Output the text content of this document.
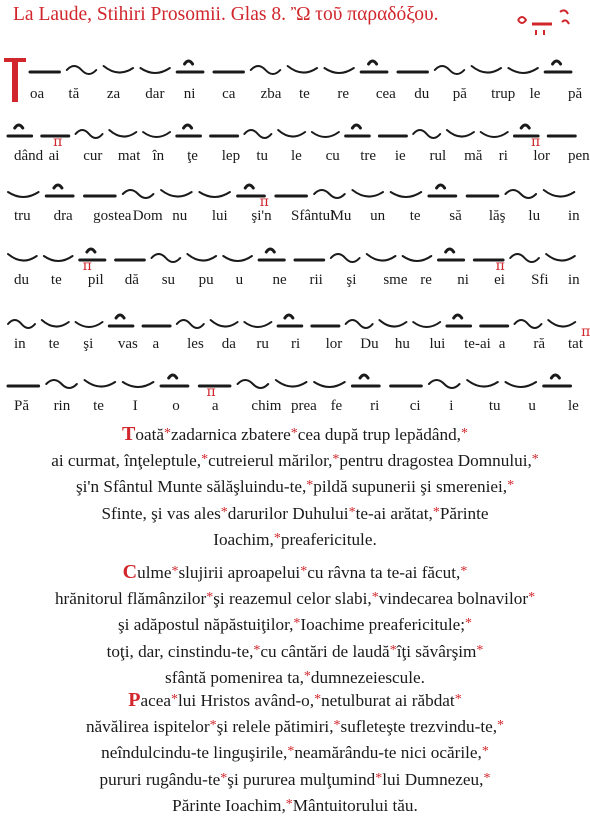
La Laude, Stihiri Prosomii. Glas 8. Ὢ τοῦ παραδόξου.
oa tă za dar ni ca zba te re cea du pă trup le pă
π	π
dând ai cur mat în ţe lep tu le cu tre ie rul mă ri lor pen
π
tru dra gostea Dom nu lui şi'n Sfântul
Mu un te să lăş lu in
π	π
du te pil dă su pu u ne rii şi sme re ni ei Sfi in
π
in te şi vas a les da ru ri lor Du hu lui te-ai a ră tat
π
Pă rin te I o a chim prea fe ri ci i tu u le

Toată*zadarnica zbatere*cea după trup lepădând,*
ai curmat, înţeleptule,*cutreierul mărilor,*pentru dragostea Domnului,*
şi'n Sfântul Munte sălăşluindu-te,*pildă supunerii şi smereniei,*
Sfinte, şi vas ales*darurilor Duhului*te-ai arătat,*Părinte
Ioachim,*preafericitule.

Culme*slujirii aproapelui*cu râvna ta te-ai făcut,*
hrănitorul flămânzilor*şi reazemul celor slabi,*vindecarea bolnavilor*
şi adăpostul năpăstuiţilor,*Ioachime preafericitule;*
toţi, dar, cinstindu-te,*cu cântări de laudă*îţi săvârşim*
sfântă pomenirea ta,*dumnezeiescule.

Pacea*lui Hristos având-o,*netulburat ai răbdat*
năvălirea ispitelor*şi relele pătimiri,*sufleteşte trezvindu-te,*
neîndulcindu-te linguşirile,*neamărându-te nici ocările,*
pururi rugându-te*şi pururea mulţumind*lui Dumnezeu,*
Părinte Ioachim,*Mântuitorului tău.
